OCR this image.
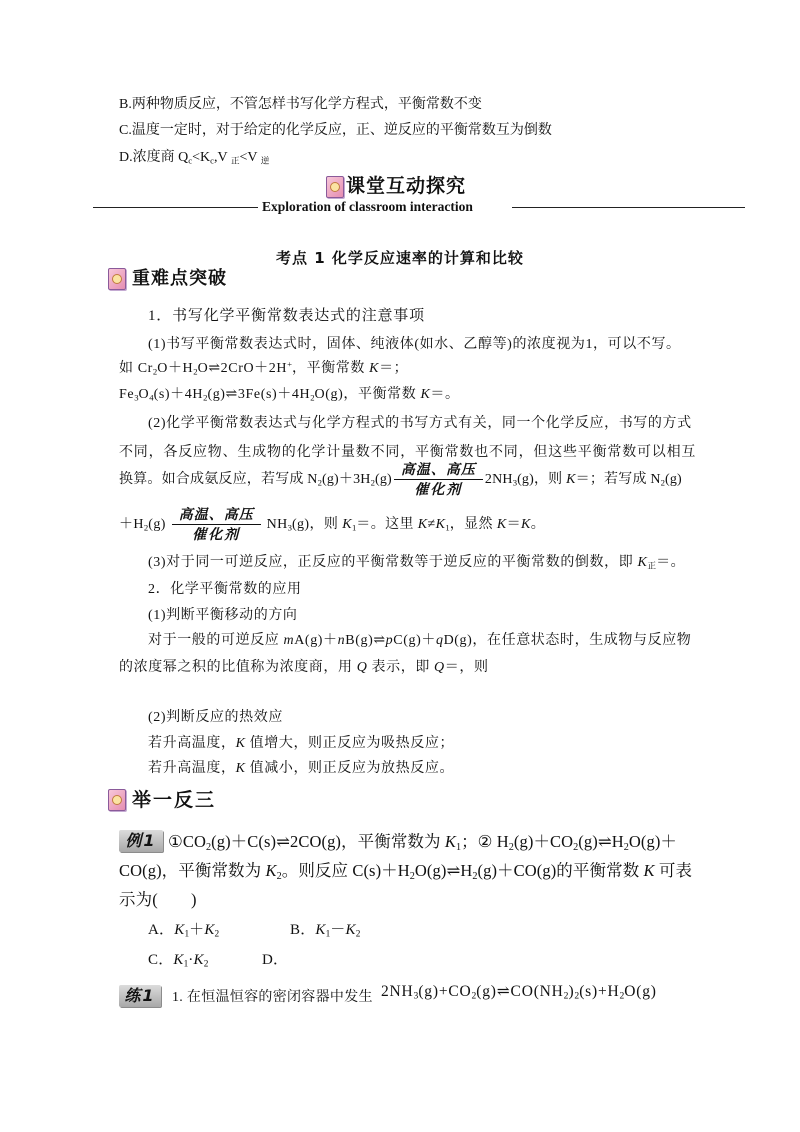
B.两种物质反应，不管怎样书写化学方程式，平衡常数不变
C.温度一定时，对于给定的化学反应，正、逆反应的平衡常数互为倒数
D.浓度商 $Q_c<K_c,V$ $_正$<V $_逆$
课堂互动探究
Exploration of classroom interaction
考点 1 化学反应速率的计算和比较
重难点突破
1．书写化学平衡常数表达式的注意事项
(1)书写平衡常数表达式时，固体、纯液体(如水、乙醇等)的浓度视为1，可以不写。
如 $Cr_2O+H_2O\rightleftharpoons 2CrO+2H^+$，平衡常数 K＝；
$Fe_3O_4(s)+4H_2(g)\rightleftharpoons 3Fe(s)+4H_2O(g)$，平衡常数 K＝。
(2)化学平衡常数表达式与化学方程式的书写方式有关，同一个化学反应，书写的方式
不同，各反应物、生成物的化学计量数不同，平衡常数也不同，但这些平衡常数可以相互
换算。如合成氨反应，若写成 $N_2(g)+3H_2(g)$
高温、高压
催化剂
$2NH_3(g)$，则 K＝；若写成 $N_2(g)$
$+H_2(g)$
高温、高压
催化剂
$NH_3(g)$，则 $K_1=$。这里 $K\ne K_1$，显然 K＝K。
(3)对于同一可逆反应，正反应的平衡常数等于逆反应的平衡常数的倒数，即 $K_正=$。
2．化学平衡常数的应用
(1)判断平衡移动的方向
对于一般的可逆反应 mA(g)＋nB(g)⇌pC(g)＋qD(g)，在任意状态时，生成物与反应物
的浓度幂之积的比值称为浓度商，用 Q 表示，即 Q＝，则
(2)判断反应的热效应
若升高温度，K 值增大，则正反应为吸热反应；
若升高温度，K 值减小，则正反应为放热反应。
举一反三
例1 $①CO_2(g)+C(s)\rightleftharpoons 2CO(g)$，平衡常数为 $K_1$；② $H_2(g)+CO_2(g)\rightleftharpoons H_2O(g)+$
CO(g)，平衡常数为 $K_2$。则反应 $C(s)+H_2O(g)\rightleftharpoons H_2(g)+CO(g)$的平衡常数 K 可表
示为(　　)
A．$K_1+K_2$	B．$K_1-K_2$
C．$K_1\cdot K_2$	D．
练1	1. 在恒温恒容的密闭容器中发生 $2NH_3(g)+CO_2(g)\rightleftharpoons CO(NH_2)_2(s)+H_2O(g)$
